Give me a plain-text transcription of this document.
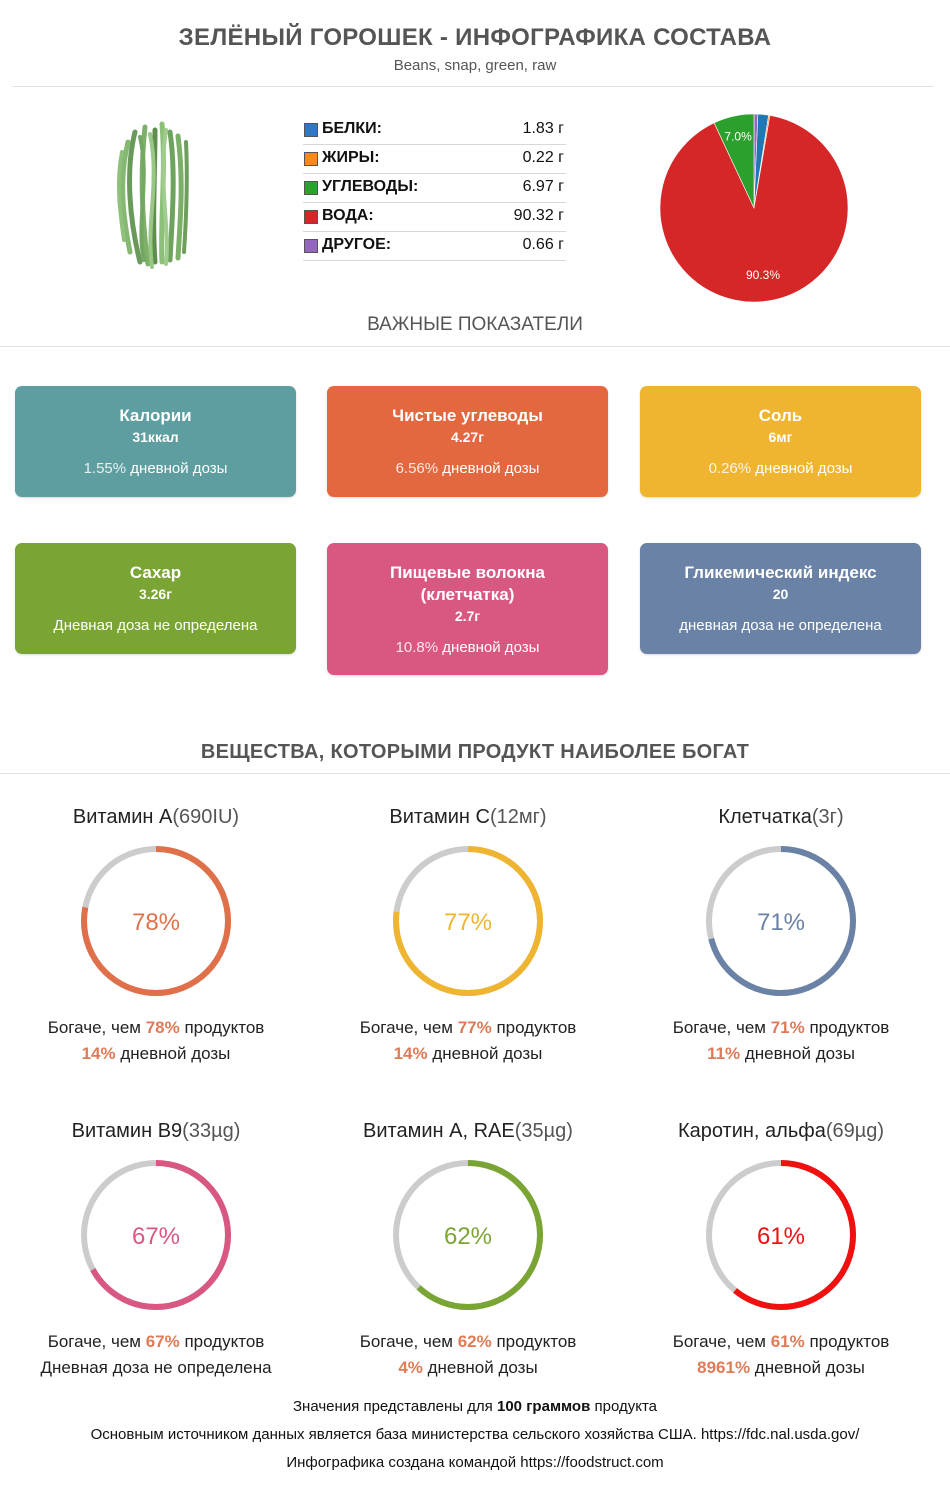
ЗЕЛЁНЫЙ ГОРОШЕК - ИНФОГРАФИКА СОСТАВА
Beans, snap, green, raw
БЕЛКИ:	1.83 г
ЖИРЫ:	0.22 г
УГЛЕВОДЫ:	6.97 г
ВОДА:	90.32 г
ДРУГОЕ:	0.66 г
90.3%
7.0%
ВАЖНЫЕ ПОКАЗАТЕЛИ
Калории
31ккал
1.55% дневной дозы
Чистые углеводы
4.27г
6.56% дневной дозы
Соль
6мг
0.26% дневной дозы
Сахар
3.26г
Дневная доза не определена
Пищевые волокна (клетчатка)
2.7г
10.8% дневной дозы
Гликемический индекс
20
дневная доза не определена
ВЕЩЕСТВА, КОТОРЫМИ ПРОДУКТ НАИБОЛЕЕ БОГАТ
Витамин A(690IU)
78%
Богаче, чем 78% продуктов
14% дневной дозы
Витамин C(12мг)
77%
Богаче, чем 77% продуктов
14% дневной дозы
Клетчатка(3г)
71%
Богаче, чем 71% продуктов
11% дневной дозы
Витамин B9(33µg)
67%
Богаче, чем 67% продуктов
Дневная доза не определена
Витамин A, RAE(35µg)
62%
Богаче, чем 62% продуктов
4% дневной дозы
Каротин, альфа(69µg)
61%
Богаче, чем 61% продуктов
8961% дневной дозы
Значения представлены для 100 граммов продукта
Основным источником данных является база министерства сельского хозяйства США. https://fdc.nal.usda.gov/
Инфографика создана командой https://foodstruct.com
